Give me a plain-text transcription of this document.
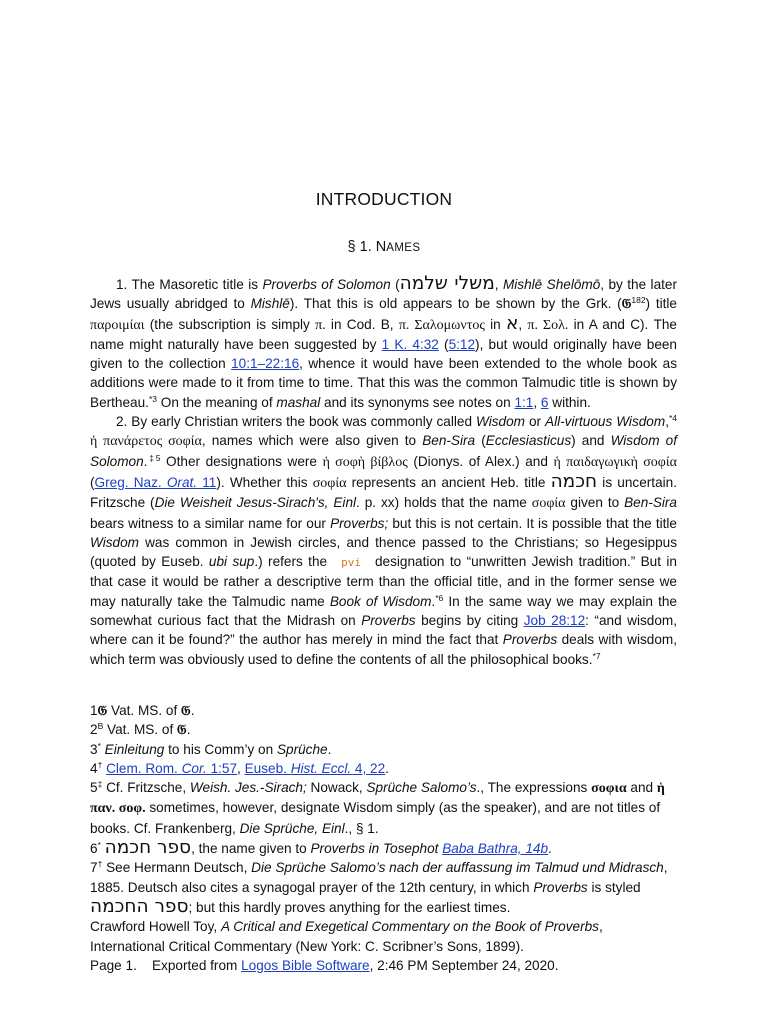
INTRODUCTION
§ 1. NAMES

1. The Masoretic title is Proverbs of Solomon (משלי שלמה, Mishlē Shelōmō, by the later Jews usually abridged to Mishlē). That this is old appears to be shown by the Grk. (𝔊$^{182}$) title παροιμίαι (the subscription is simply π. in Cod. B, π. Σαλομωντος in א, π. Σολ. in A and C). The name might naturally have been suggested by 1 K. 4:32 (5:12), but would originally have been given to the collection 10:1–22:16, whence it would have been extended to the whole book as additions were made to it from time to time. That this was the common Talmudic title is shown by Bertheau.$^{*3}$ On the meaning of mashal and its synonyms see notes on 1:1, 6 within.

2. By early Christian writers the book was commonly called Wisdom or All-virtuous Wisdom,$^{*4}$ ἡ πανάρετος σοφία, names which were also given to Ben-Sira (Ecclesiasticus) and Wisdom of Solomon.$^{\ddagger 5}$ Other designations were ἡ σοφὴ βίβλος (Dionys. of Alex.) and ἡ παιδαγωγικὴ σοφία (Greg. Naz. Orat. 11). Whether this σοφία represents an ancient Heb. title חכמה is uncertain. Fritzsche (Die Weisheit Jesus-Sirach's, Einl. p. xx) holds that the name σοφία given to Ben-Sira bears witness to a similar name for our Proverbs; but this is not certain. It is possible that the title Wisdom was common in Jewish circles, and thence passed to the Christians; so Hegesippus (quoted by Euseb. ubi sup.) refers the pvi designation to “unwritten Jewish tradition.” But in that case it would be rather a descriptive term than the official title, and in the former sense we may naturally take the Talmudic name Book of Wisdom.$^{*6}$ In the same way we may explain the somewhat curious fact that the Midrash on Proverbs begins by citing Job 28:12: “and wisdom, where can it be found?” the author has merely in mind the fact that Proverbs deals with wisdom, which term was obviously used to define the contents of all the philosophical books.$^{*7}$

1𝔊 Vat. MS. of 𝔊.

$2^B$ Vat. MS. of 𝔊.

3* Einleitung to his Comm’y on Sprüche.

4† Clem. Rom. Cor. 1:57, Euseb. Hist. Eccl. 4, 22.

5‡ Cf. Fritzsche, Weish. Jes.-Sirach; Nowack, Sprüche Salomo’s., The expressions σοφια and ἡ παν. σοφ. sometimes, however, designate Wisdom simply (as the speaker), and are not titles of books. Cf. Frankenberg, Die Sprüche, Einl., § 1.

6* ספר חכמה, the name given to Proverbs in Tosephot Baba Bathra, 14b.

7† See Hermann Deutsch, Die Sprüche Salomo’s nach der auffassung im Talmud und Midrasch, 1885. Deutsch also cites a synagogal prayer of the 12th century, in which Proverbs is styled ספר החכמה; but this hardly proves anything for the earliest times.

Crawford Howell Toy, A Critical and Exegetical Commentary on the Book of Proverbs, International Critical Commentary (New York: C. Scribner’s Sons, 1899).

Page 1.    Exported from Logos Bible Software, 2:46 PM September 24, 2020.
